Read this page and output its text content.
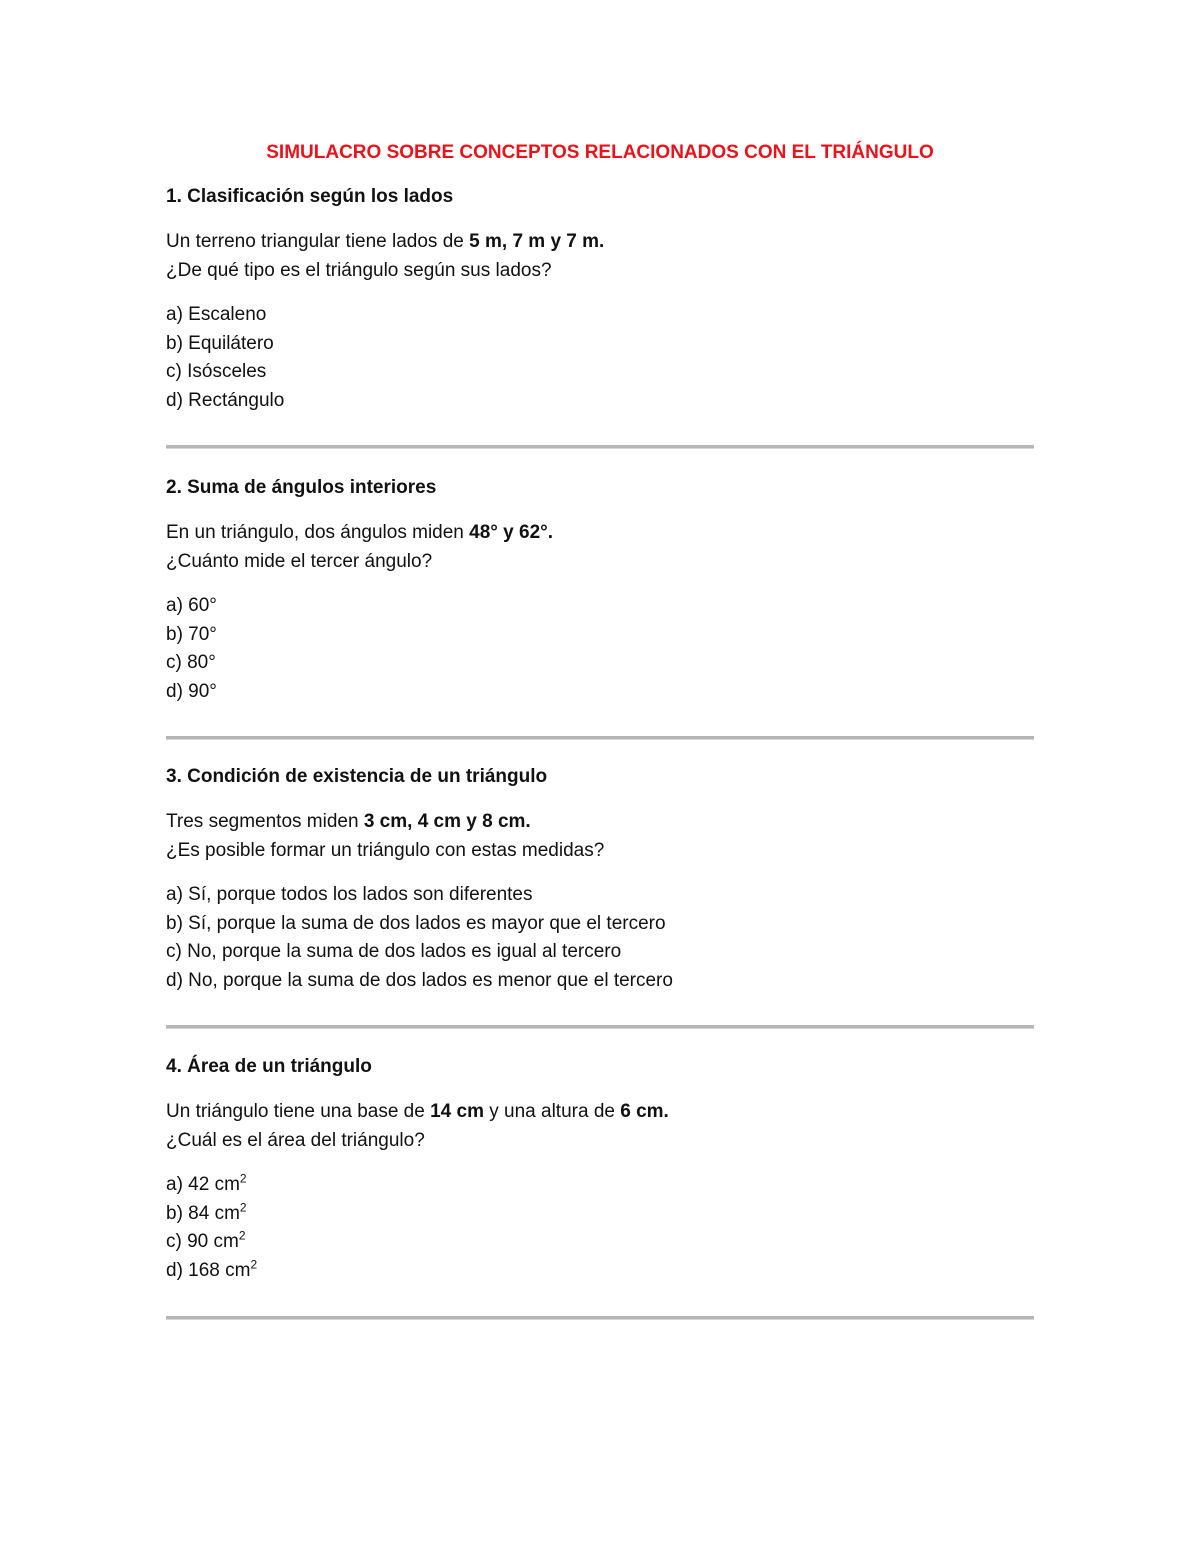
SIMULACRO SOBRE CONCEPTOS RELACIONADOS CON EL TRIÁNGULO
1. Clasificación según los lados
Un terreno triangular tiene lados de 5 m, 7 m y 7 m.
¿De qué tipo es el triángulo según sus lados?
a) Escaleno
b) Equilátero
c) Isósceles
d) Rectángulo
2. Suma de ángulos interiores
En un triángulo, dos ángulos miden 48° y 62°.
¿Cuánto mide el tercer ángulo?
a) 60°
b) 70°
c) 80°
d) 90°
3. Condición de existencia de un triángulo
Tres segmentos miden 3 cm, 4 cm y 8 cm.
¿Es posible formar un triángulo con estas medidas?
a) Sí, porque todos los lados son diferentes
b) Sí, porque la suma de dos lados es mayor que el tercero
c) No, porque la suma de dos lados es igual al tercero
d) No, porque la suma de dos lados es menor que el tercero
4. Área de un triángulo
Un triángulo tiene una base de 14 cm y una altura de 6 cm.
¿Cuál es el área del triángulo?
a) 42 $cm^2$
b) 84 $cm^2$
c) 90 $cm^2$
d) 168 $cm^2$
